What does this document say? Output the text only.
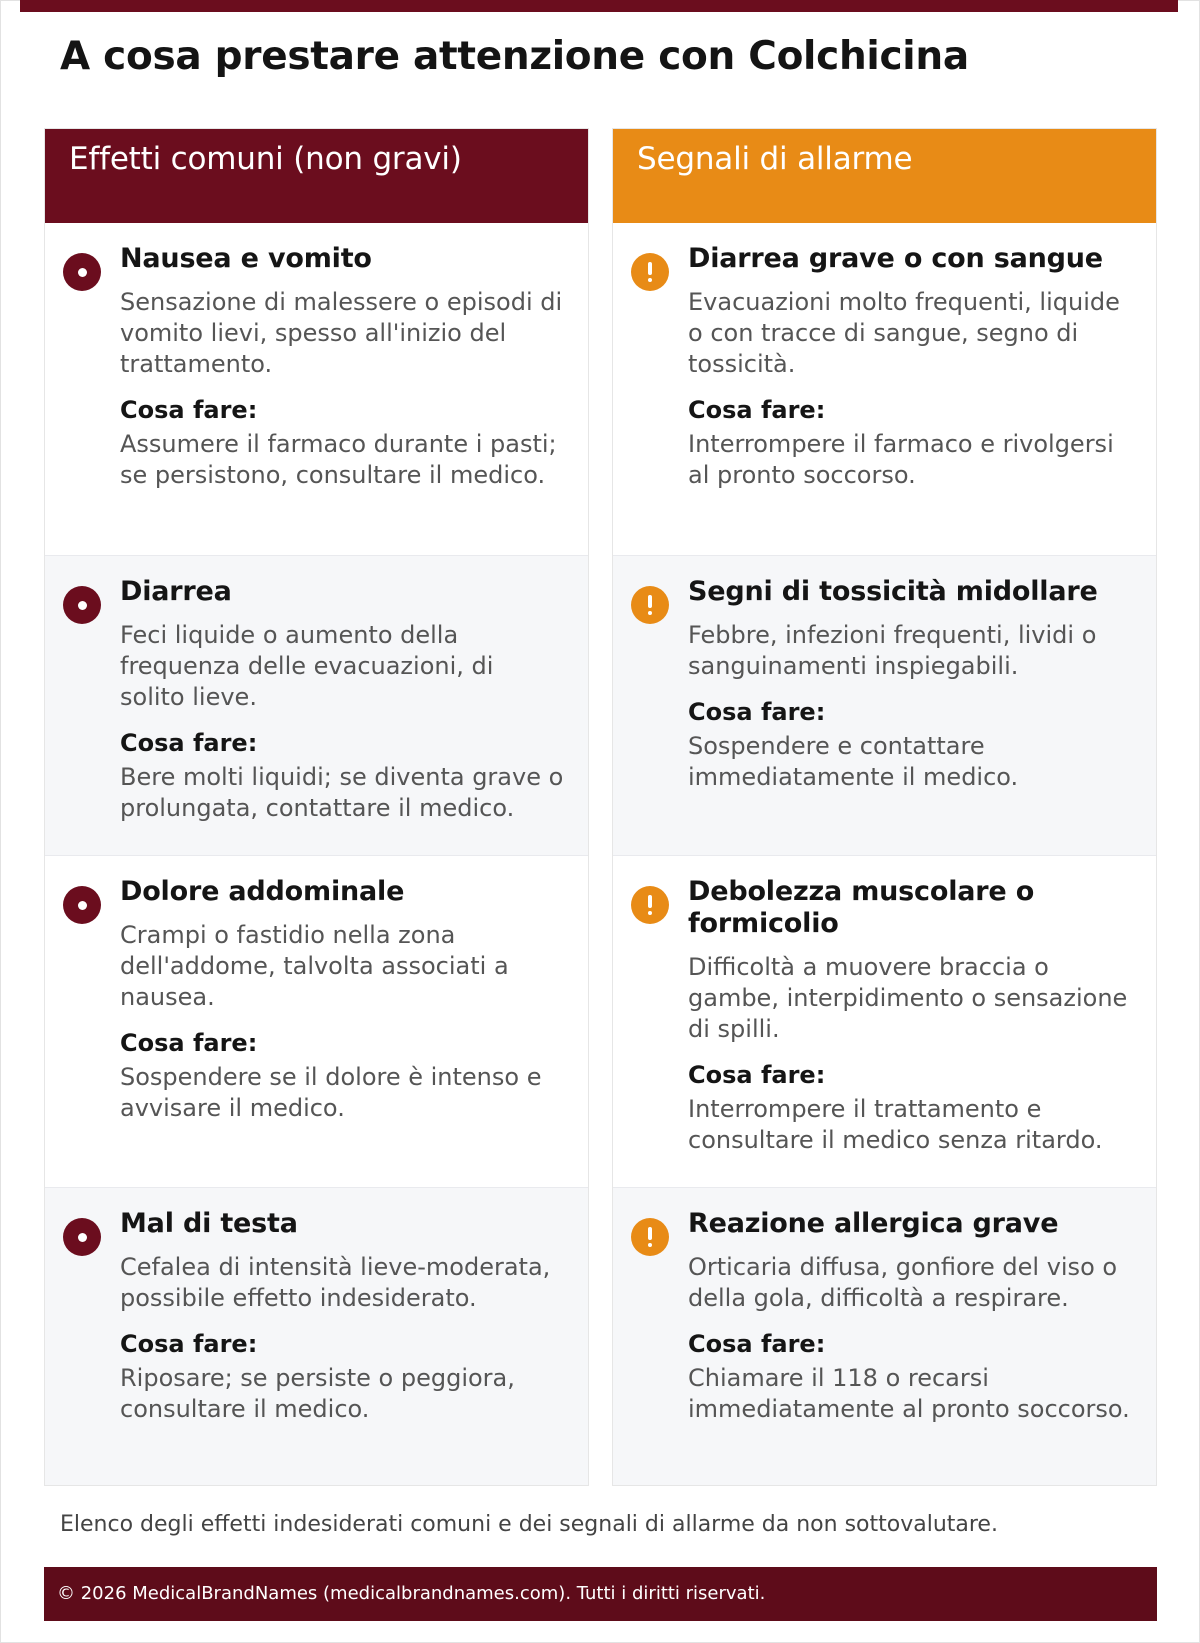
A cosa prestare attenzione con Colchicina
Effetti comuni (non gravi)
Nausea e vomito
Sensazione di malessere o episodi di vomito lievi, spesso all'inizio del trattamento.
Cosa fare:
Assumere il farmaco durante i pasti; se persistono, consultare il medico.
Diarrea
Feci liquide o aumento della frequenza delle evacuazioni, di solito lieve.
Cosa fare:
Bere molti liquidi; se diventa grave o prolungata, contattare il medico.
Dolore addominale
Crampi o fastidio nella zona dell'addome, talvolta associati a nausea.
Cosa fare:
Sospendere se il dolore è intenso e avvisare il medico.
Mal di testa
Cefalea di intensità lieve-moderata, possibile effetto indesiderato.
Cosa fare:
Riposare; se persiste o peggiora, consultare il medico.
Segnali di allarme
Diarrea grave o con sangue
Evacuazioni molto frequenti, liquide o con tracce di sangue, segno di tossicità.
Cosa fare:
Interrompere il farmaco e rivolgersi al pronto soccorso.
Segni di tossicità midollare
Febbre, infezioni frequenti, lividi o sanguinamenti inspiegabili.
Cosa fare:
Sospendere e contattare immediatamente il medico.
Debolezza muscolare o formicolio
Difficoltà a muovere braccia o gambe, interpidimento o sensazione di spilli.
Cosa fare:
Interrompere il trattamento e consultare il medico senza ritardo.
Reazione allergica grave
Orticaria diffusa, gonfiore del viso o della gola, difficoltà a respirare.
Cosa fare:
Chiamare il 118 o recarsi immediatamente al pronto soccorso.

Elenco degli effetti indesiderati comuni e dei segnali di allarme da non sottovalutare.

© 2026 MedicalBrandNames (medicalbrandnames.com). Tutti i diritti riservati.
